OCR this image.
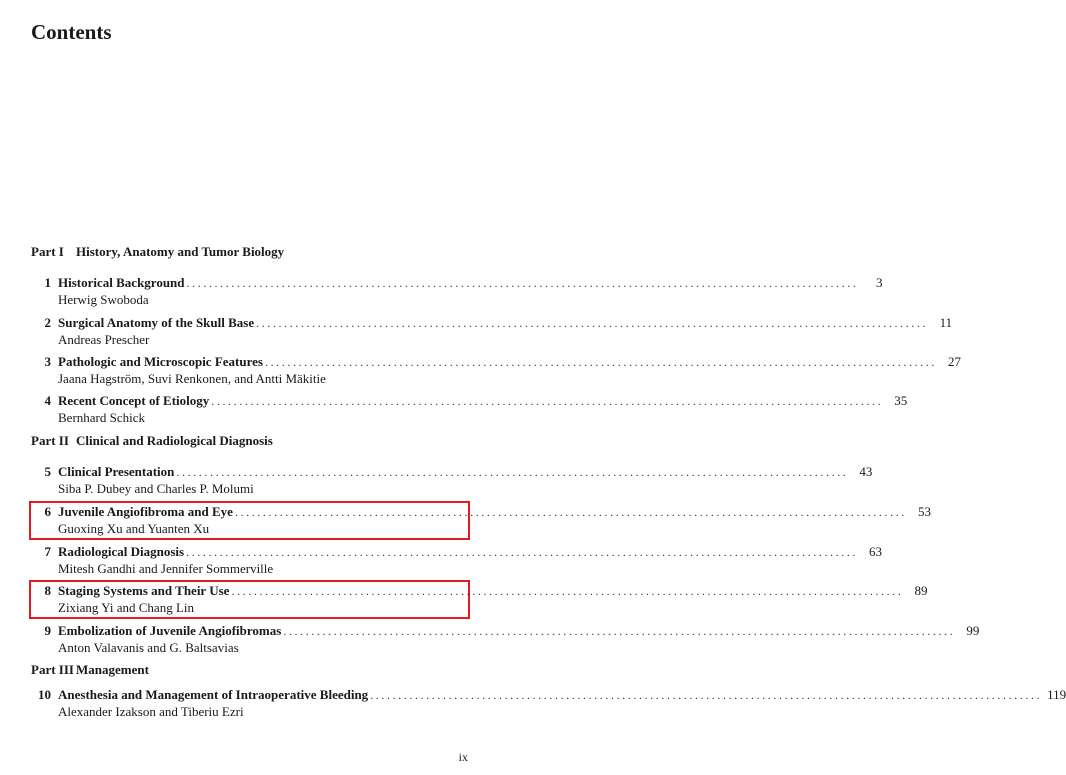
Contents
Part I History, Anatomy and Tumor Biology
1 Historical Background ........................................................................................................................	3
Herwig Swoboda
2 Surgical Anatomy of the Skull Base ........................................................................................................................ 11
Andreas Prescher
3 Pathologic and Microscopic Features ........................................................................................................................ 27
Jaana Hagström, Suvi Renkonen, and Antti Mäkitie
4 Recent Concept of Etiology ........................................................................................................................ 35
Bernhard Schick
Part II Clinical and Radiological Diagnosis
5 Clinical Presentation ........................................................................................................................ 43
Siba P. Dubey and Charles P. Molumi
6 Juvenile Angiofibroma and Eye ........................................................................................................................ 53
Guoxing Xu and Yuanten Xu
7 Radiological Diagnosis ........................................................................................................................ 63
Mitesh Gandhi and Jennifer Sommerville
8 Staging Systems and Their Use ........................................................................................................................ 89
Zixiang Yi and Chang Lin
9 Embolization of Juvenile Angiofibromas ........................................................................................................................ 99
Anton Valavanis and G. Baltsavias
Part III Management
10 Anesthesia and Management of Intraoperative Bleeding ........................................................................................................................ 119
Alexander Izakson and Tiberiu Ezri
ix
